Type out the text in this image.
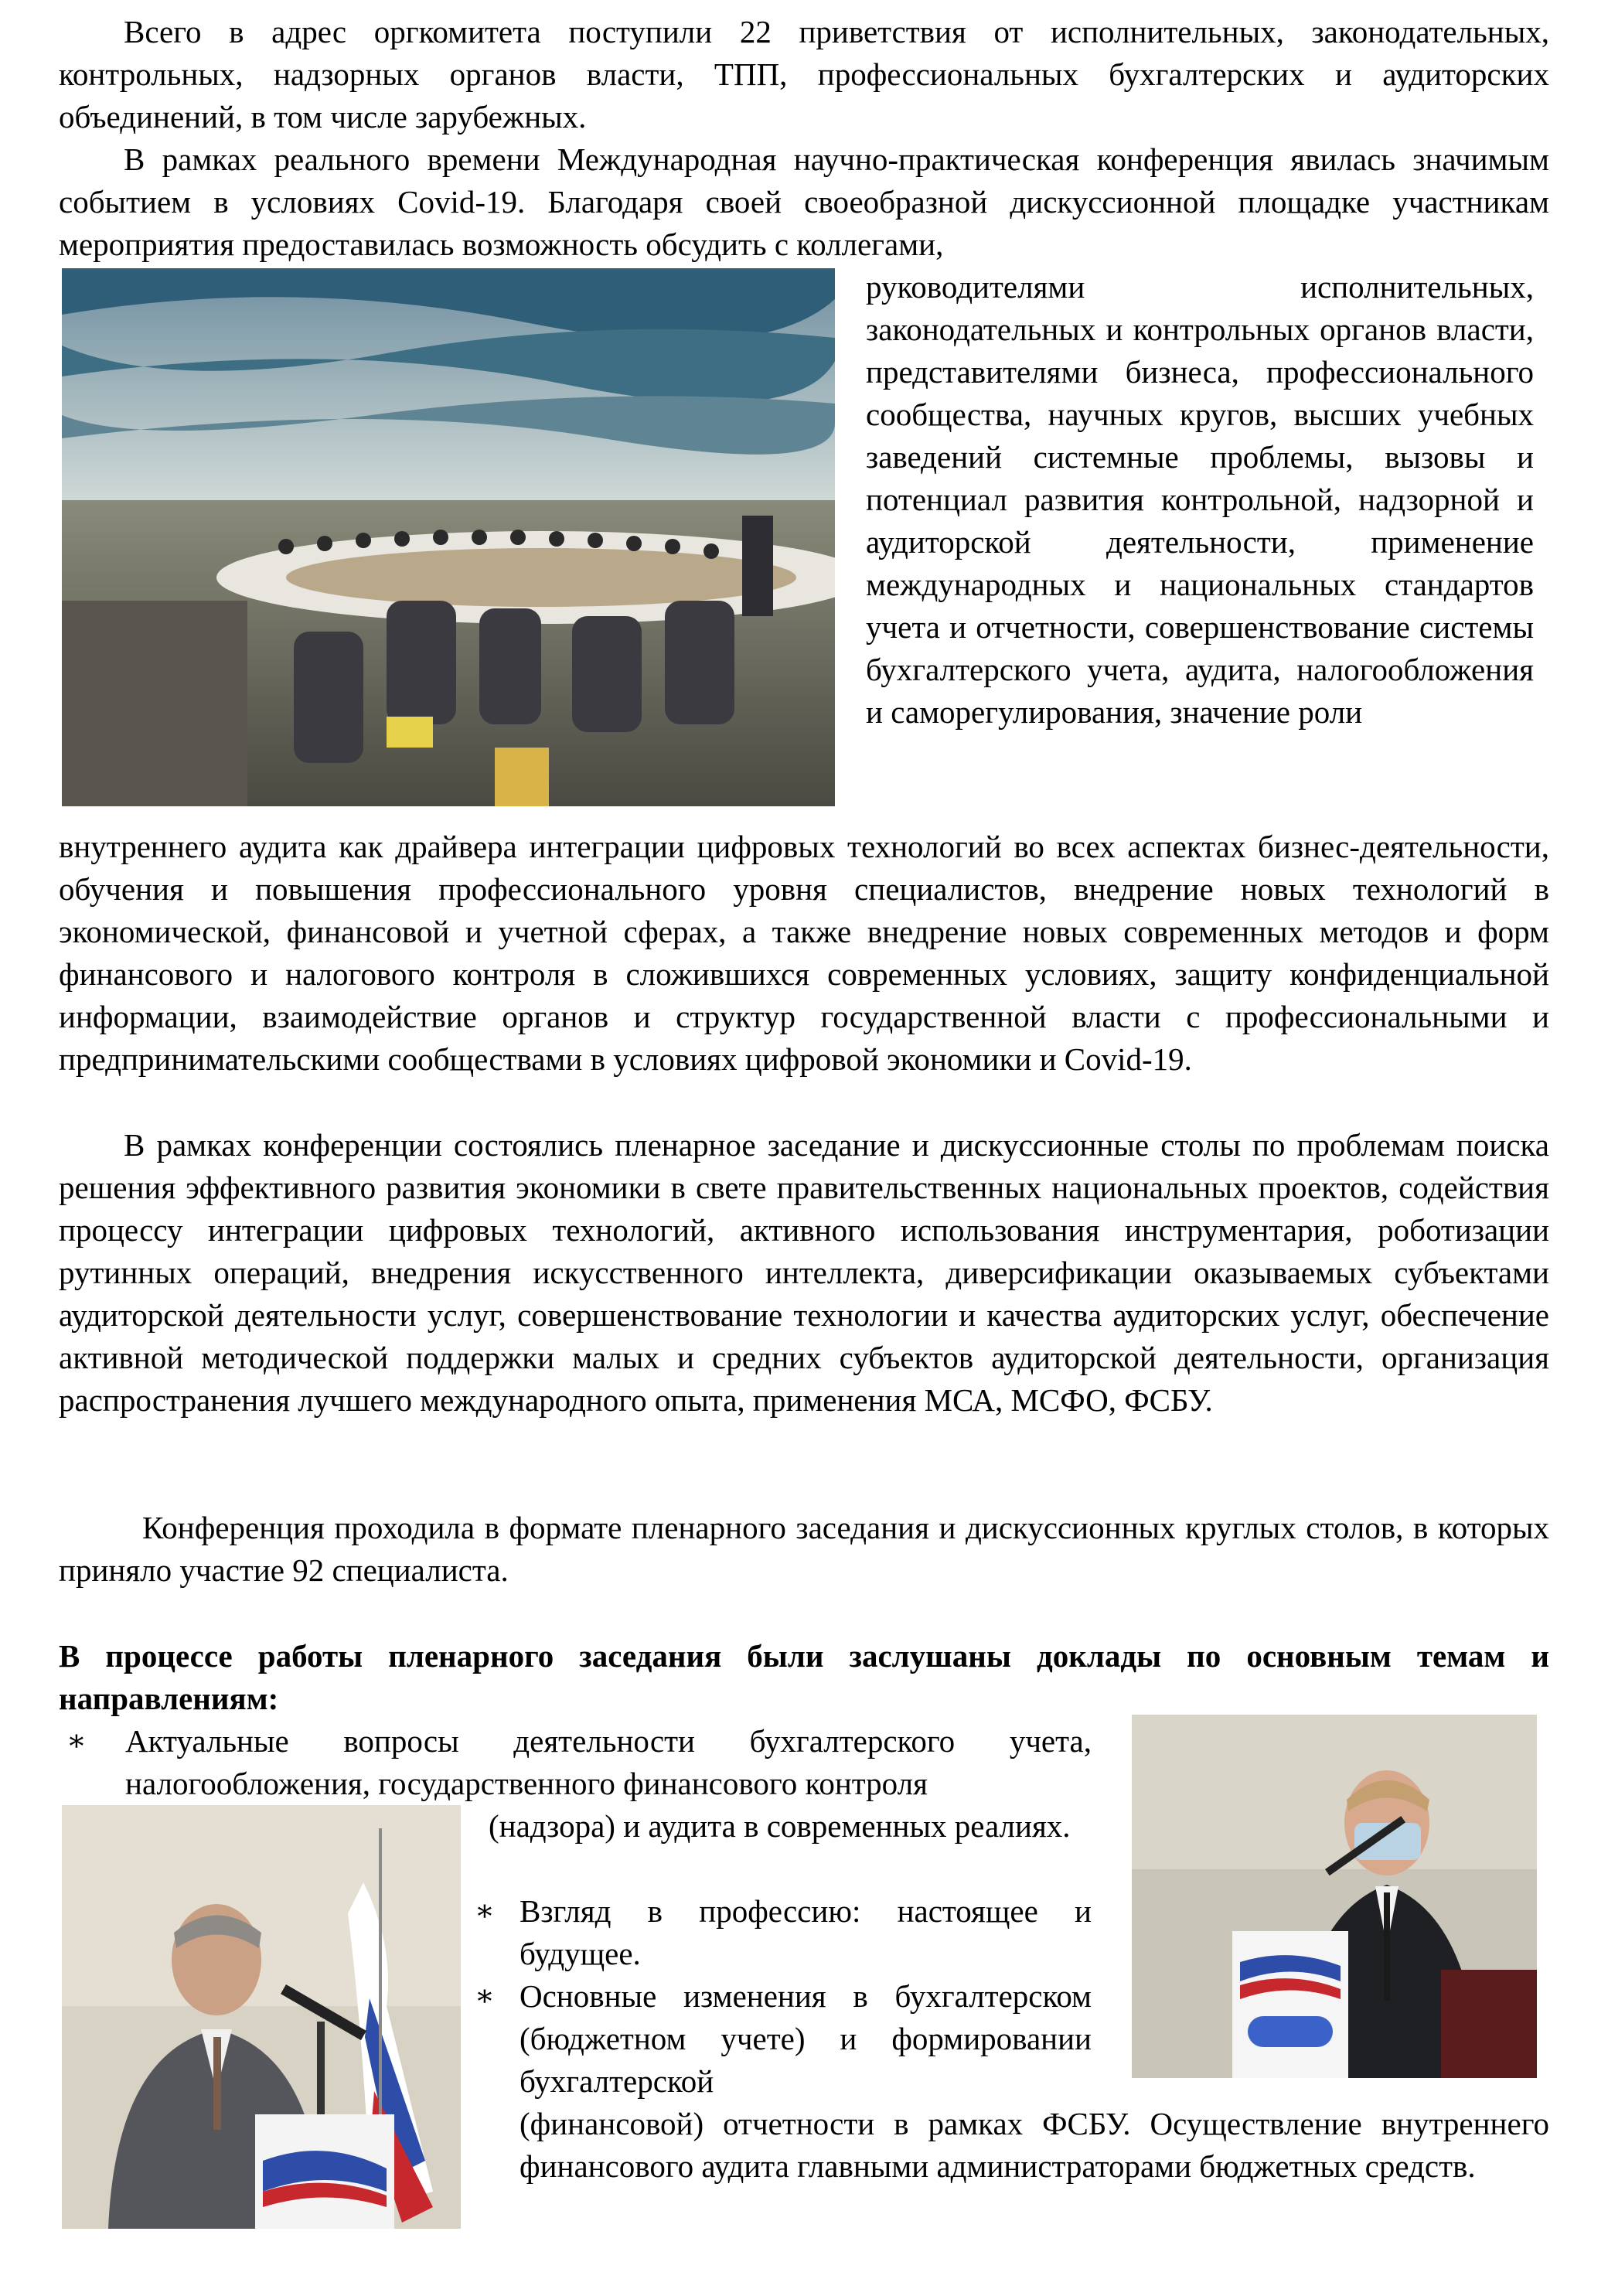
Всего в адрес оргкомитета поступили 22 приветствия от исполнительных, законодательных, контрольных, надзорных органов власти, ТПП, профессиональных бухгалтерских и аудиторских объединений, в том числе зарубежных.

В рамках реального времени Международная научно-практическая конференция явилась значимым событием в условиях Covid-19. Благодаря своей своеобразной дискуссионной площадке участникам мероприятия предоставилась возможность обсудить с коллегами,

руководителями исполнительных, законодательных и контрольных органов власти, представителями бизнеса, профессионального сообщества, научных кругов, высших учебных заведений системные проблемы, вызовы и потенциал развития контрольной, надзорной и аудиторской деятельности, применение международных и национальных стандартов учета и отчетности, совершенствование системы бухгалтерского учета, аудита, налогообложения и саморегулирования, значение роли

внутреннего аудита как драйвера интеграции цифровых технологий во всех аспектах бизнес-деятельности, обучения и повышения профессионального уровня специалистов, внедрение новых технологий в экономической, финансовой и учетной сферах, а также внедрение новых современных методов и форм финансового и налогового контроля в сложившихся современных условиях, защиту конфиденциальной информации, взаимодействие органов и структур государственной власти с профессиональными и предпринимательскими сообществами в условиях цифровой экономики и Covid-19.

В рамках конференции состоялись пленарное заседание и дискуссионные столы по проблемам поиска решения эффективного развития экономики в свете правительственных национальных проектов, содействия процессу интеграции цифровых технологий, активного использования инструментария, роботизации рутинных операций, внедрения искусственного интеллекта, диверсификации оказываемых субъектами аудиторской деятельности услуг, совершенствование технологии и качества аудиторских услуг, обеспечение активной методической поддержки малых и средних субъектов аудиторской деятельности, организация распространения лучшего международного опыта, применения МСА, МСФО, ФСБУ.

Конференция проходила в формате пленарного заседания и дискуссионных круглых столов, в которых приняло участие 92 специалиста.

В процессе работы пленарного заседания были заслушаны доклады по основным темам и направлениям:

∗ Актуальные вопросы деятельности бухгалтерского учета, налогообложения, государственного финансового контроля

(надзора) и аудита в современных реалиях.

∗ Взгляд в профессию: настоящее и будущее.

∗ Основные изменения в бухгалтерском (бюджетном учете) и формировании бухгалтерской

(финансовой) отчетности в рамках ФСБУ. Осуществление внутреннего финансового аудита главными администраторами бюджетных средств.
